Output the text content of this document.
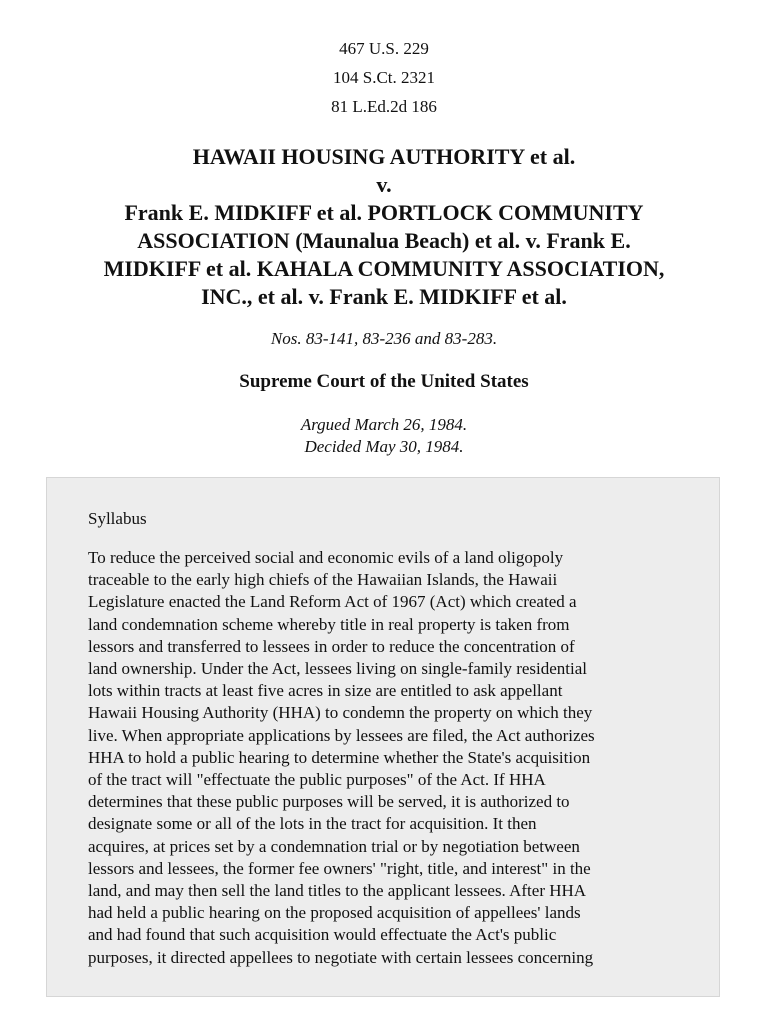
467 U.S. 229
104 S.Ct. 2321
81 L.Ed.2d 186
HAWAII HOUSING AUTHORITY et al.
v.
Frank E. MIDKIFF et al. PORTLOCK COMMUNITY
ASSOCIATION (Maunalua Beach) et al. v. Frank E.
MIDKIFF et al. KAHALA COMMUNITY ASSOCIATION,
INC., et al. v. Frank E. MIDKIFF et al.
Nos. 83-141, 83-236 and 83-283.
Supreme Court of the United States
Argued March 26, 1984.
Decided May 30, 1984.
Syllabus
To reduce the perceived social and economic evils of a land oligopoly
traceable to the early high chiefs of the Hawaiian Islands, the Hawaii
Legislature enacted the Land Reform Act of 1967 (Act) which created a
land condemnation scheme whereby title in real property is taken from
lessors and transferred to lessees in order to reduce the concentration of
land ownership. Under the Act, lessees living on single-family residential
lots within tracts at least five acres in size are entitled to ask appellant
Hawaii Housing Authority (HHA) to condemn the property on which they
live. When appropriate applications by lessees are filed, the Act authorizes
HHA to hold a public hearing to determine whether the State's acquisition
of the tract will "effectuate the public purposes" of the Act. If HHA
determines that these public purposes will be served, it is authorized to
designate some or all of the lots in the tract for acquisition. It then
acquires, at prices set by a condemnation trial or by negotiation between
lessors and lessees, the former fee owners' "right, title, and interest" in the
land, and may then sell the land titles to the applicant lessees. After HHA
had held a public hearing on the proposed acquisition of appellees' lands
and had found that such acquisition would effectuate the Act's public
purposes, it directed appellees to negotiate with certain lessees concerning
